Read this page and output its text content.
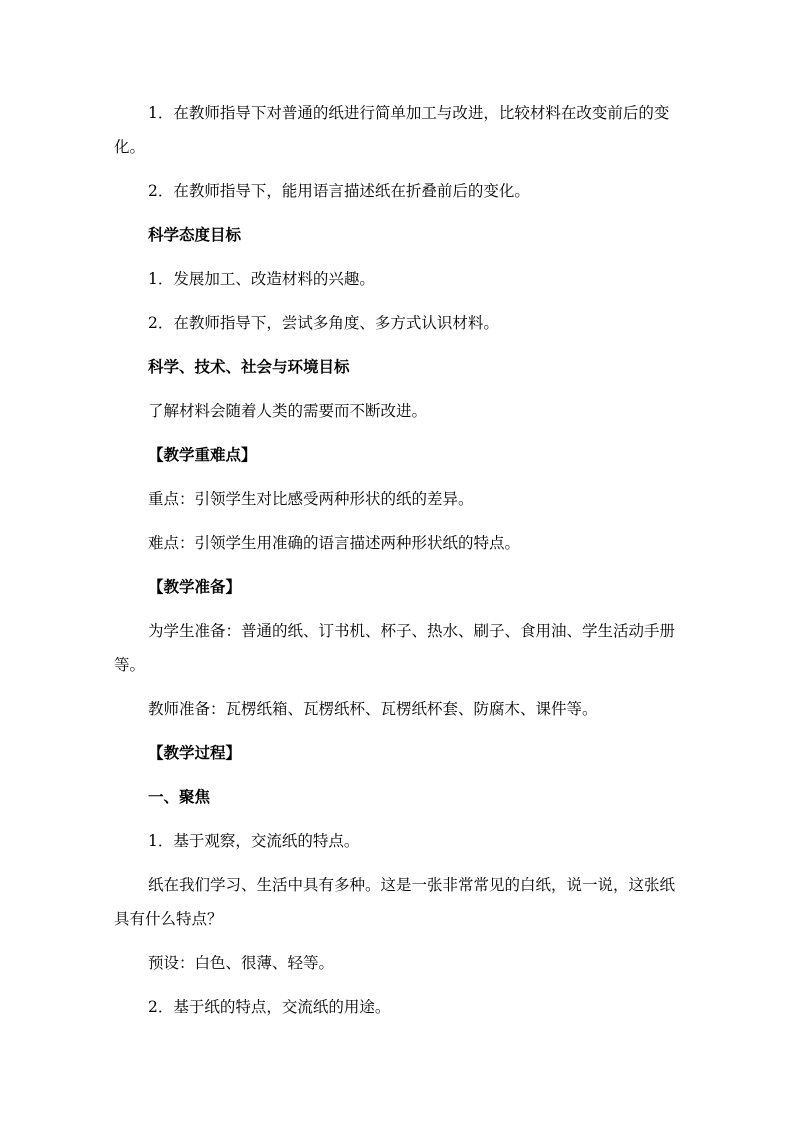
1．在教师指导下对普通的纸进行简单加工与改进，比较材料在改变前后的变化。

2．在教师指导下，能用语言描述纸在折叠前后的变化。

科学态度目标

1．发展加工、改造材料的兴趣。

2．在教师指导下，尝试多角度、多方式认识材料。

科学、技术、社会与环境目标

了解材料会随着人类的需要而不断改进。

【教学重难点】

重点：引领学生对比感受两种形状的纸的差异。

难点：引领学生用准确的语言描述两种形状纸的特点。

【教学准备】

为学生准备：普通的纸、订书机、杯子、热水、刷子、食用油、学生活动手册等。

教师准备：瓦楞纸箱、瓦楞纸杯、瓦楞纸杯套、防腐木、课件等。

【教学过程】

一、聚焦

1．基于观察，交流纸的特点。

纸在我们学习、生活中具有多种。这是一张非常常见的白纸，说一说，这张纸具有什么特点？

预设：白色、很薄、轻等。

2．基于纸的特点，交流纸的用途。
